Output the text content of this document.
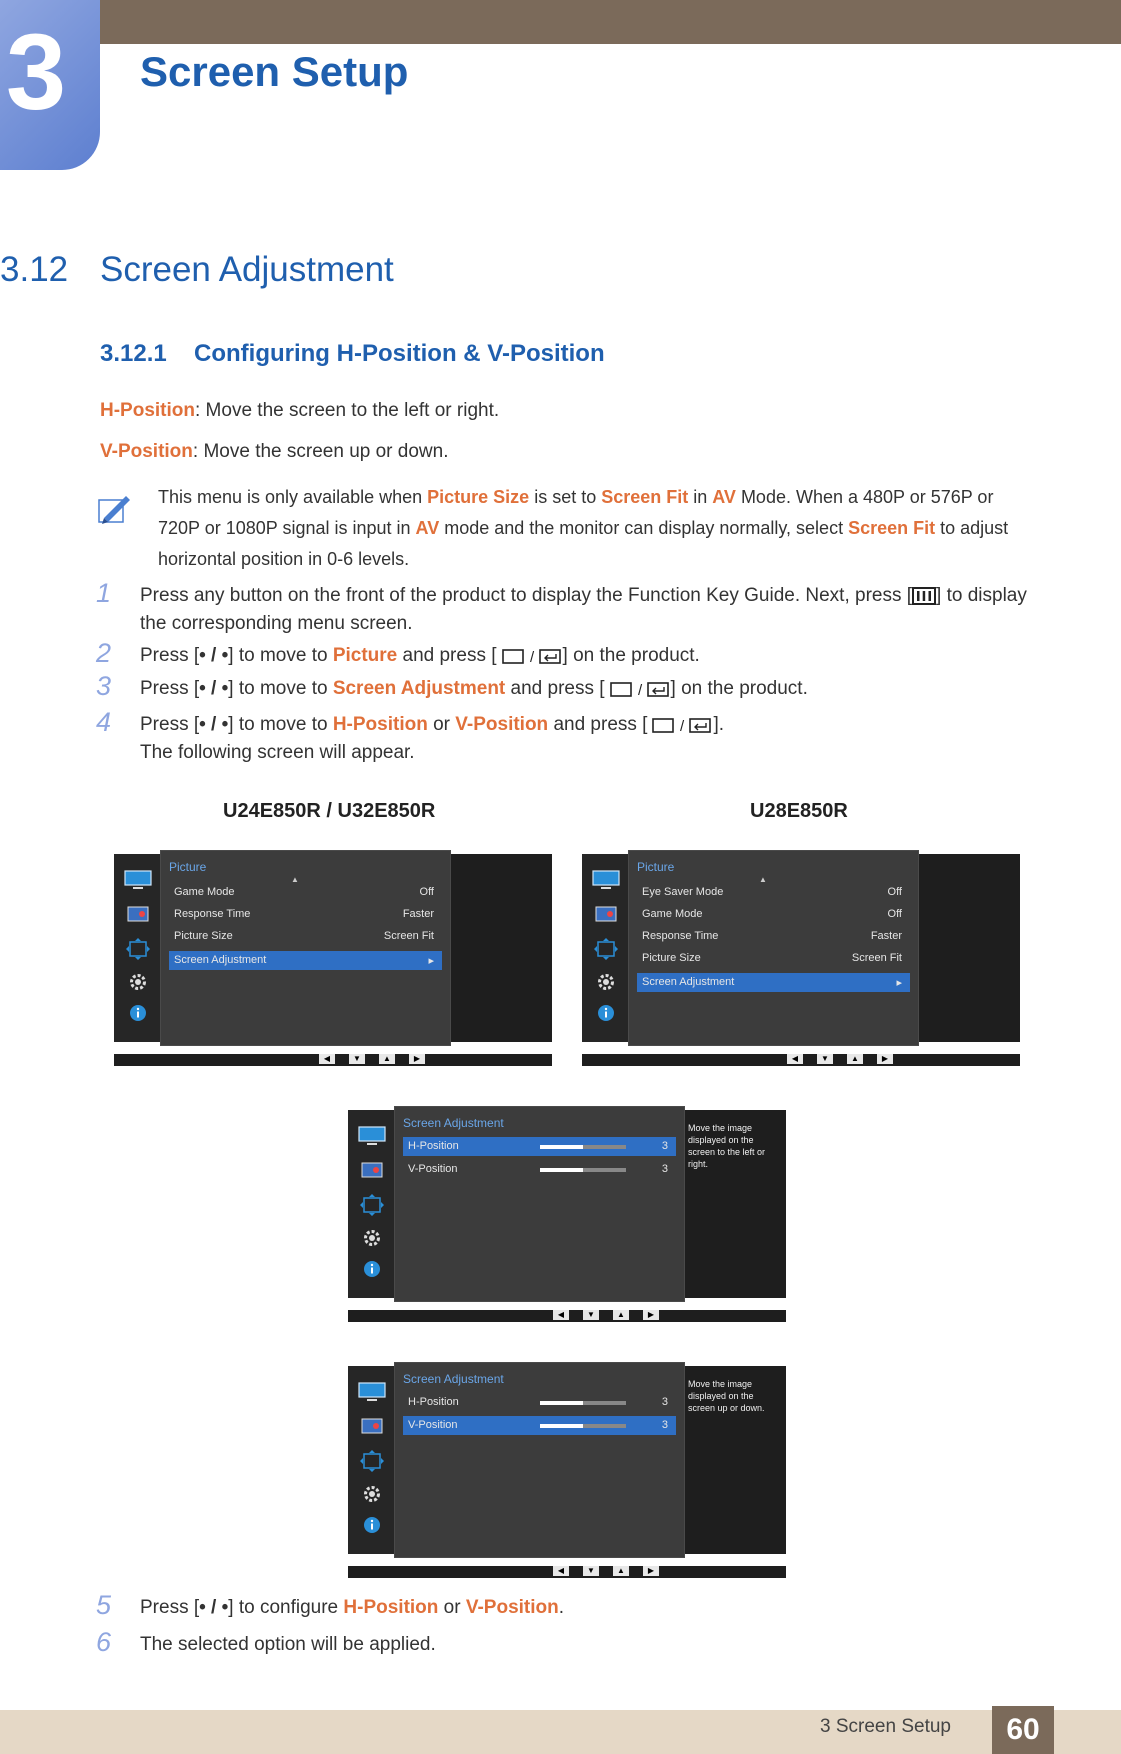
3 Screen Setup
3.12 Screen Adjustment
3.12.1 Configuring H-Position & V-Position
H-Position: Move the screen to the left or right.
V-Position: Move the screen up or down.
This menu is only available when Picture Size is set to Screen Fit in AV Mode. When a 480P or 576P or 720P or 1080P signal is input in AV mode and the monitor can display normally, select Screen Fit to adjust horizontal position in 0-6 levels.
1 Press any button on the front of the product to display the Function Key Guide. Next, press [ ] to display the corresponding menu screen.
2 Press [• / •] to move to Picture and press [ / ] on the product.
3 Press [• / •] to move to Screen Adjustment and press [ / ] on the product.
4 Press [• / •] to move to H-Position or V-Position and press [ / ].
The following screen will appear.
U24E850R / U32E850R	U28E850R
Picture
▲
Game Mode	Off
Response Time	Faster
Picture Size	Screen Fit
Screen Adjustment	▸
◀	▼	▲	▶
Picture
▲
Eye Saver Mode	Off
Game Mode	Off
Response Time	Faster
Picture Size	Screen Fit
Screen Adjustment	▸
◀	▼	▲	▶
Move the image displayed on the screen to the left or right.
Screen Adjustment
H-Position	3
V-Position	3
◀	▼	▲	▶
Move the image displayed on the screen up or down.
Screen Adjustment
H-Position	3
V-Position	3
◀	▼	▲	▶
5 Press [• / •] to configure H-Position or V-Position.
6 The selected option will be applied.
3 Screen Setup	60
